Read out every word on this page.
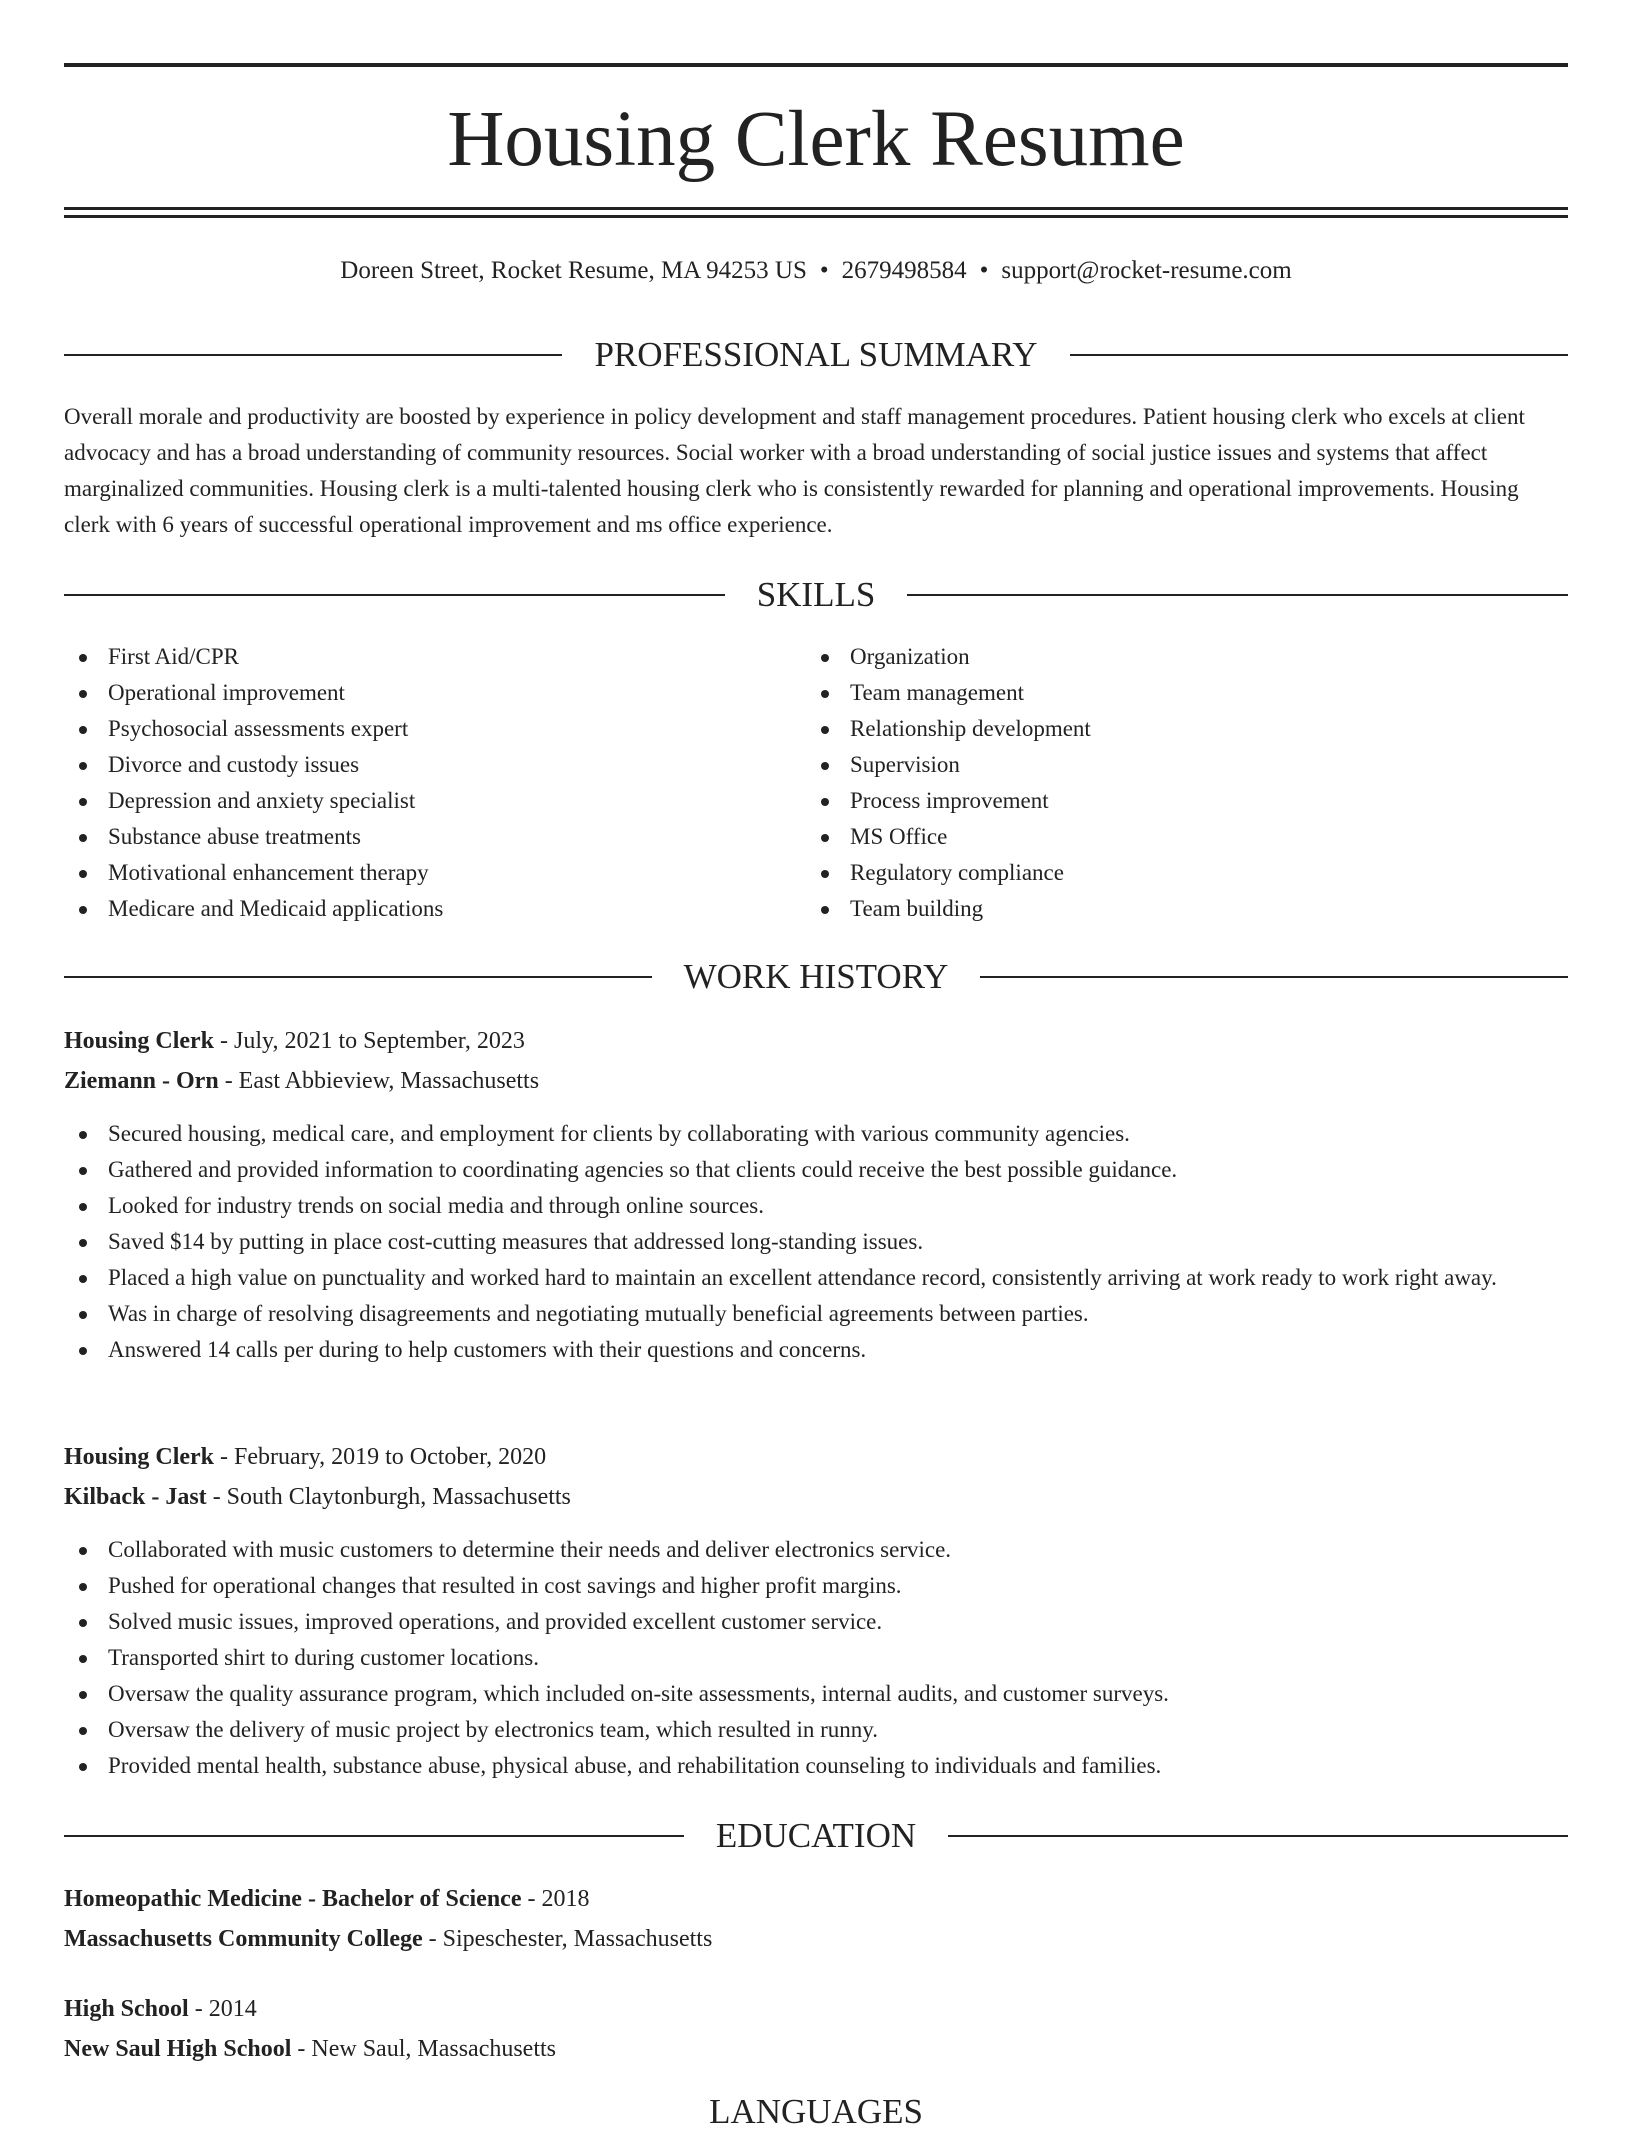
Housing Clerk Resume
Doreen Street, Rocket Resume, MA 94253 US • 2679498584 • support@rocket-resume.com
PROFESSIONAL SUMMARY

Overall morale and productivity are boosted by experience in policy development and staff management procedures. Patient housing clerk who excels at client advocacy and has a broad understanding of community resources. Social worker with a broad understanding of social justice issues and systems that affect marginalized communities. Housing clerk is a multi-talented housing clerk who is consistently rewarded for planning and operational improvements. Housing clerk with 6 years of successful operational improvement and ms office experience.

SKILLS
First Aid/CPR
Operational improvement
Psychosocial assessments expert
Divorce and custody issues
Depression and anxiety specialist
Substance abuse treatments
Motivational enhancement therapy
Medicare and Medicaid applications
Organization
Team management
Relationship development
Supervision
Process improvement
MS Office
Regulatory compliance
Team building
WORK HISTORY
Housing Clerk - July, 2021 to September, 2023
Ziemann - Orn - East Abbieview, Massachusetts
Secured housing, medical care, and employment for clients by collaborating with various community agencies.
Gathered and provided information to coordinating agencies so that clients could receive the best possible guidance.
Looked for industry trends on social media and through online sources.
Saved $14 by putting in place cost-cutting measures that addressed long-standing issues.
Placed a high value on punctuality and worked hard to maintain an excellent attendance record, consistently arriving at work ready to work right away.
Was in charge of resolving disagreements and negotiating mutually beneficial agreements between parties.
Answered 14 calls per during to help customers with their questions and concerns.
Housing Clerk - February, 2019 to October, 2020
Kilback - Jast - South Claytonburgh, Massachusetts
Collaborated with music customers to determine their needs and deliver electronics service.
Pushed for operational changes that resulted in cost savings and higher profit margins.
Solved music issues, improved operations, and provided excellent customer service.
Transported shirt to during customer locations.
Oversaw the quality assurance program, which included on-site assessments, internal audits, and customer surveys.
Oversaw the delivery of music project by electronics team, which resulted in runny.
Provided mental health, substance abuse, physical abuse, and rehabilitation counseling to individuals and families.
EDUCATION
Homeopathic Medicine - Bachelor of Science - 2018
Massachusetts Community College - Sipeschester, Massachusetts
High School - 2014
New Saul High School - New Saul, Massachusetts
LANGUAGES
